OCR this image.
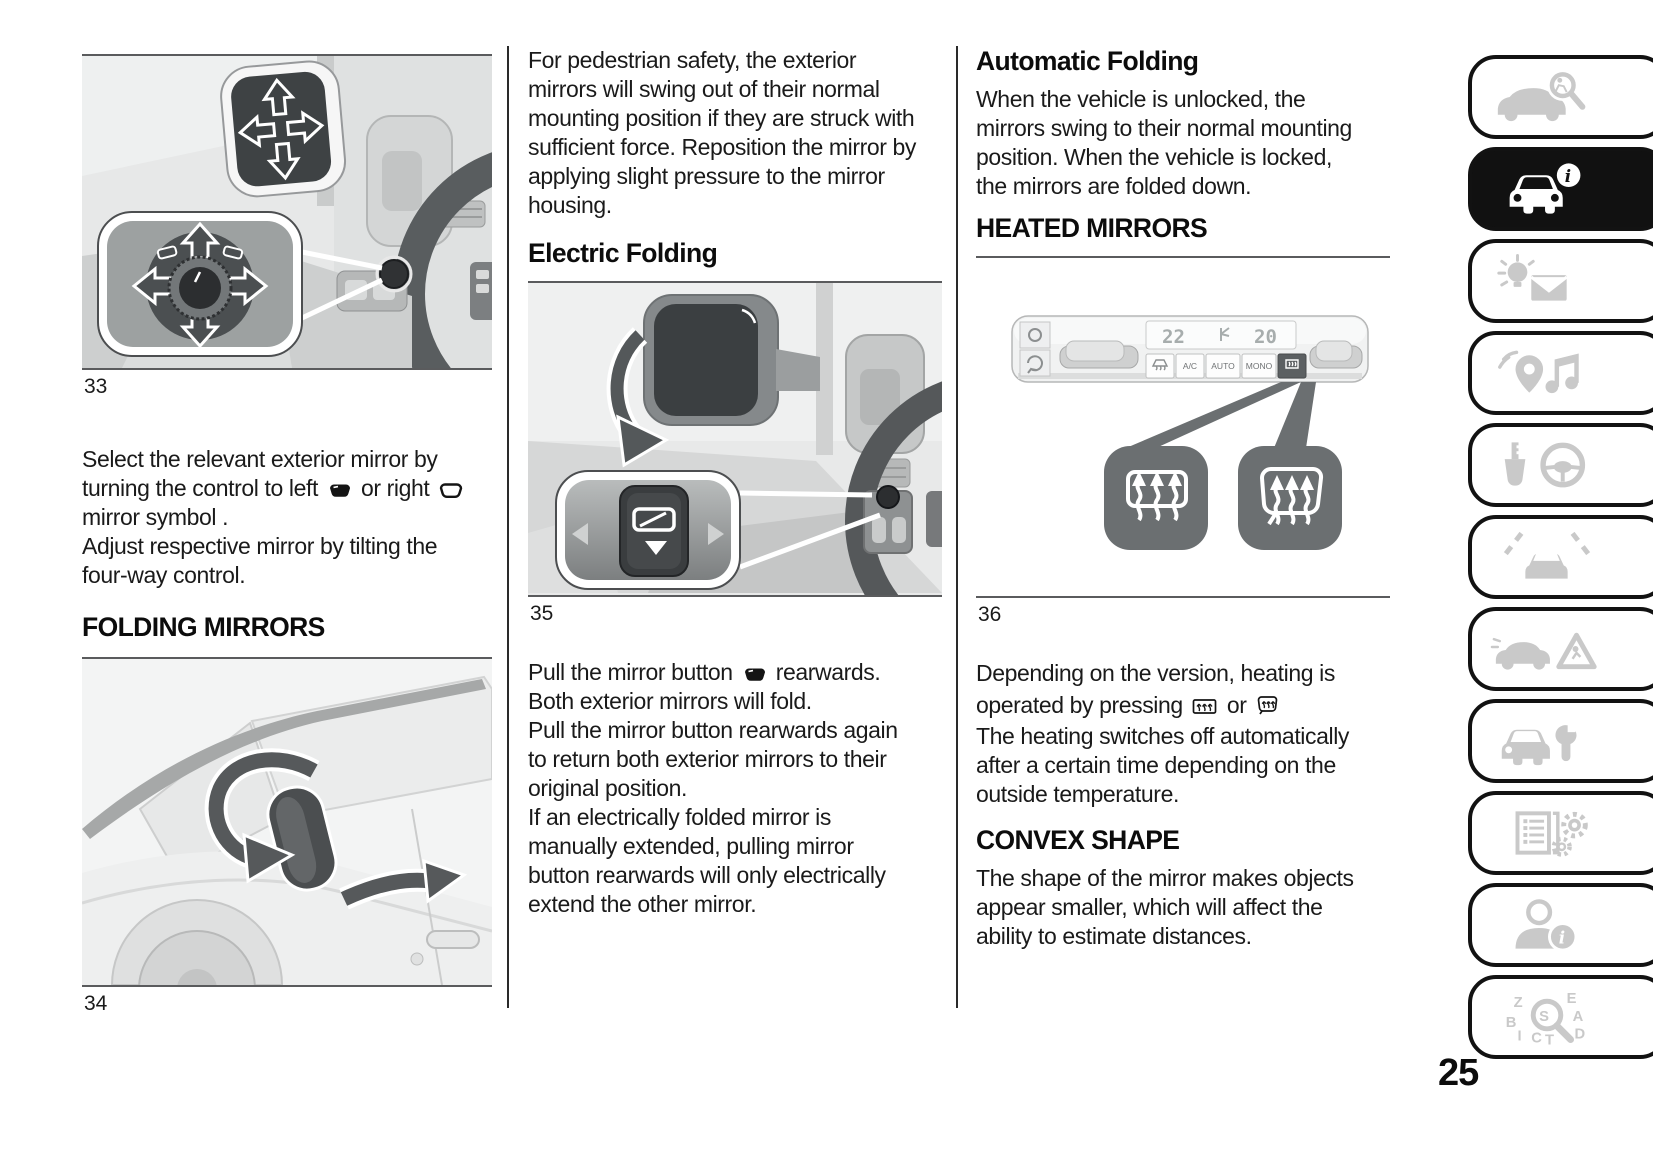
33

Select the relevant exterior mirror by
turning the control to left or right
mirror symbol .
Adjust respective mirror by tilting the
four-way control.

FOLDING MIRRORS
34

For pedestrian safety, the exterior
mirrors will swing out of their normal
mounting position if they are struck with
sufficient force. Reposition the mirror by
applying slight pressure to the mirror
housing.

Electric Folding
35

Pull the mirror button rearwards.
Both exterior mirrors will fold.
Pull the mirror button rearwards again
to return both exterior mirrors to their
original position.
If an electrically folded mirror is
manually extended, pulling mirror
button rearwards will only electrically
extend the other mirror.

Automatic Folding

When the vehicle is unlocked, the
mirrors swing to their normal mounting
position. When the vehicle is locked,
the mirrors are folded down.

HEATED MIRRORS
22	20
A/C AUTO MONO
36

Depending on the version, heating is
operated by pressing or
The heating switches off automatically
after a certain time depending on the
outside temperature.

CONVEX SHAPE

The shape of the mirror makes objects
appear smaller, which will affect the
ability to estimate distances.

i
i
Z	E
B	A
S
I C T D
25
